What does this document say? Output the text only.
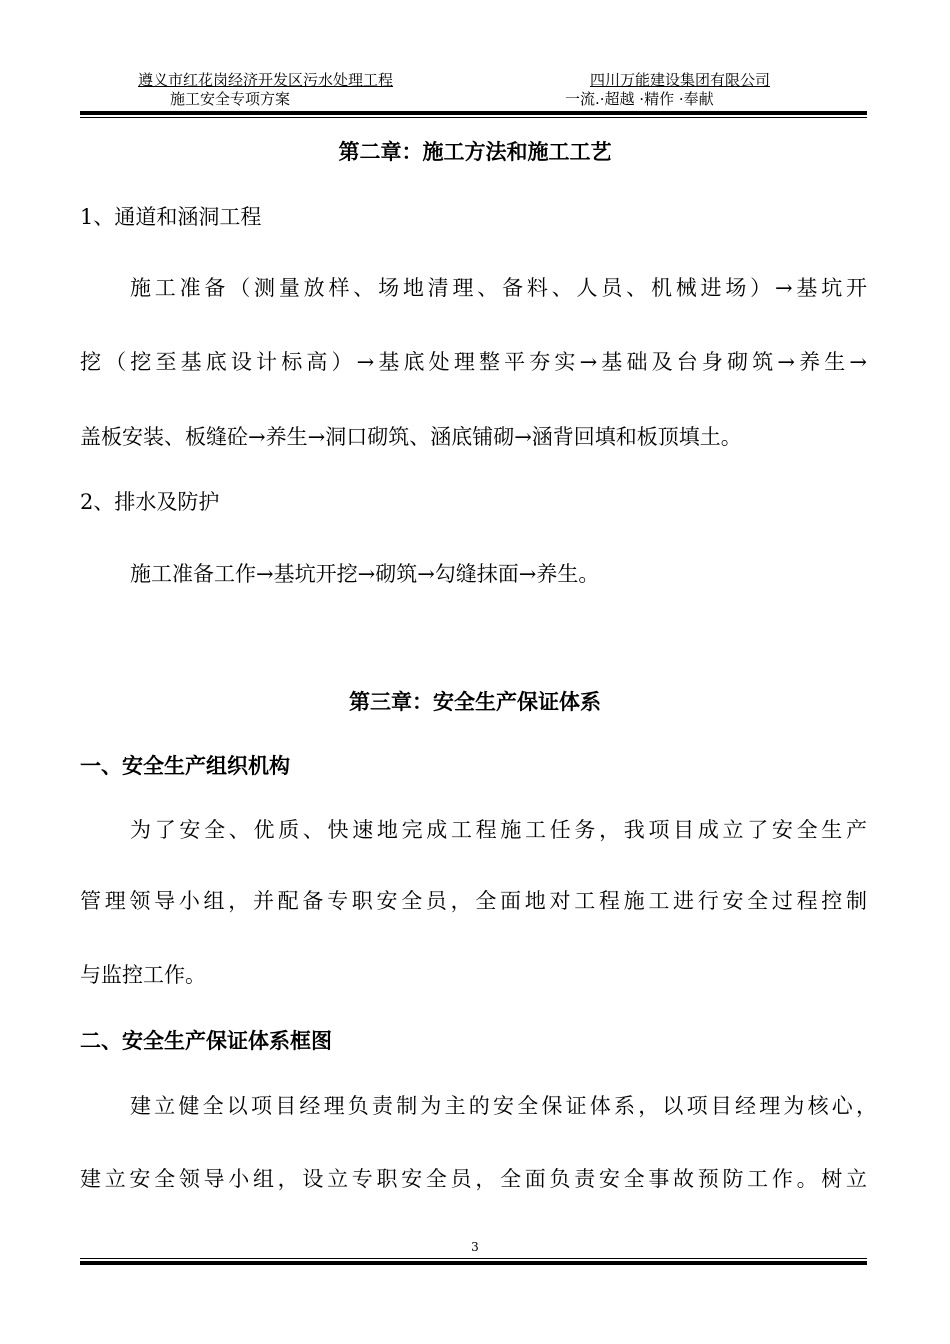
遵义市红花岗经济开发区污水处理工程
施工安全专项方案
四川万能建设集团有限公司
一流.·超越 ·精作 ·奉献
第二章：施工方法和施工工艺
1、通道和涵洞工程
施工准备（测量放样、场地清理、备料、人员、机械进场）→基坑开
挖（挖至基底设计标高）→基底处理整平夯实→基础及台身砌筑→养生→
盖板安装、板缝砼→养生→洞口砌筑、涵底铺砌→涵背回填和板顶填土。
2、排水及防护
施工准备工作→基坑开挖→砌筑→勾缝抹面→养生。
第三章：安全生产保证体系
一、安全生产组织机构
为了安全、优质、快速地完成工程施工任务，我项目成立了安全生产
管理领导小组，并配备专职安全员，全面地对工程施工进行安全过程控制
与监控工作。
二、安全生产保证体系框图
建立健全以项目经理负责制为主的安全保证体系，以项目经理为核心，
建立安全领导小组，设立专职安全员，全面负责安全事故预防工作。树立
3
